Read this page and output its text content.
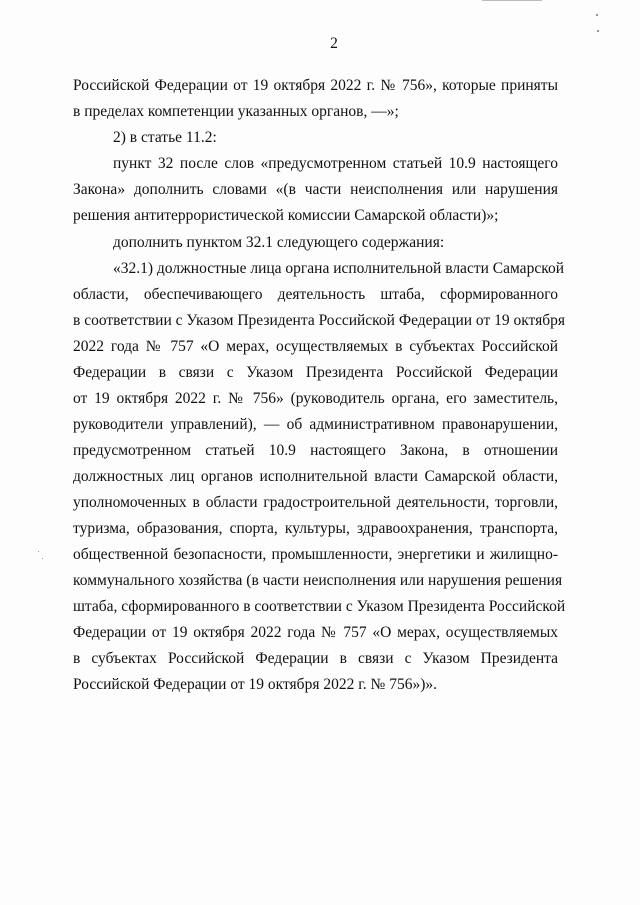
2
Российской Федерации от 19 октября 2022 г. № 756», которые приняты
в пределах компетенции указанных органов, —»;
2) в статье 11.2:
пункт 32 после слов «предусмотренном статьей 10.9 настоящего
Закона» дополнить словами «(в части неисполнения или нарушения
решения антитеррористической комиссии Самарской области)»;
дополнить пунктом 32.1 следующего содержания:
«32.1) должностные лица органа исполнительной власти Самарской
области, обеспечивающего деятельность штаба, сформированного
в соответствии с Указом Президента Российской Федерации от 19 октября
2022 года № 757 «О мерах, осуществляемых в субъектах Российской
Федерации в связи с Указом Президента Российской Федерации
от 19 октября 2022 г. № 756» (руководитель органа, его заместитель,
руководители управлений), — об административном правонарушении,
предусмотренном статьей 10.9 настоящего Закона, в отношении
должностных лиц органов исполнительной власти Самарской области,
уполномоченных в области градостроительной деятельности, торговли,
туризма, образования, спорта, культуры, здравоохранения, транспорта,
общественной безопасности, промышленности, энергетики и жилищно-
коммунального хозяйства (в части неисполнения или нарушения решения
штаба, сформированного в соответствии с Указом Президента Российской
Федерации от 19 октября 2022 года № 757 «О мерах, осуществляемых
в субъектах Российской Федерации в связи с Указом Президента
Российской Федерации от 19 октября 2022 г. № 756»)».
